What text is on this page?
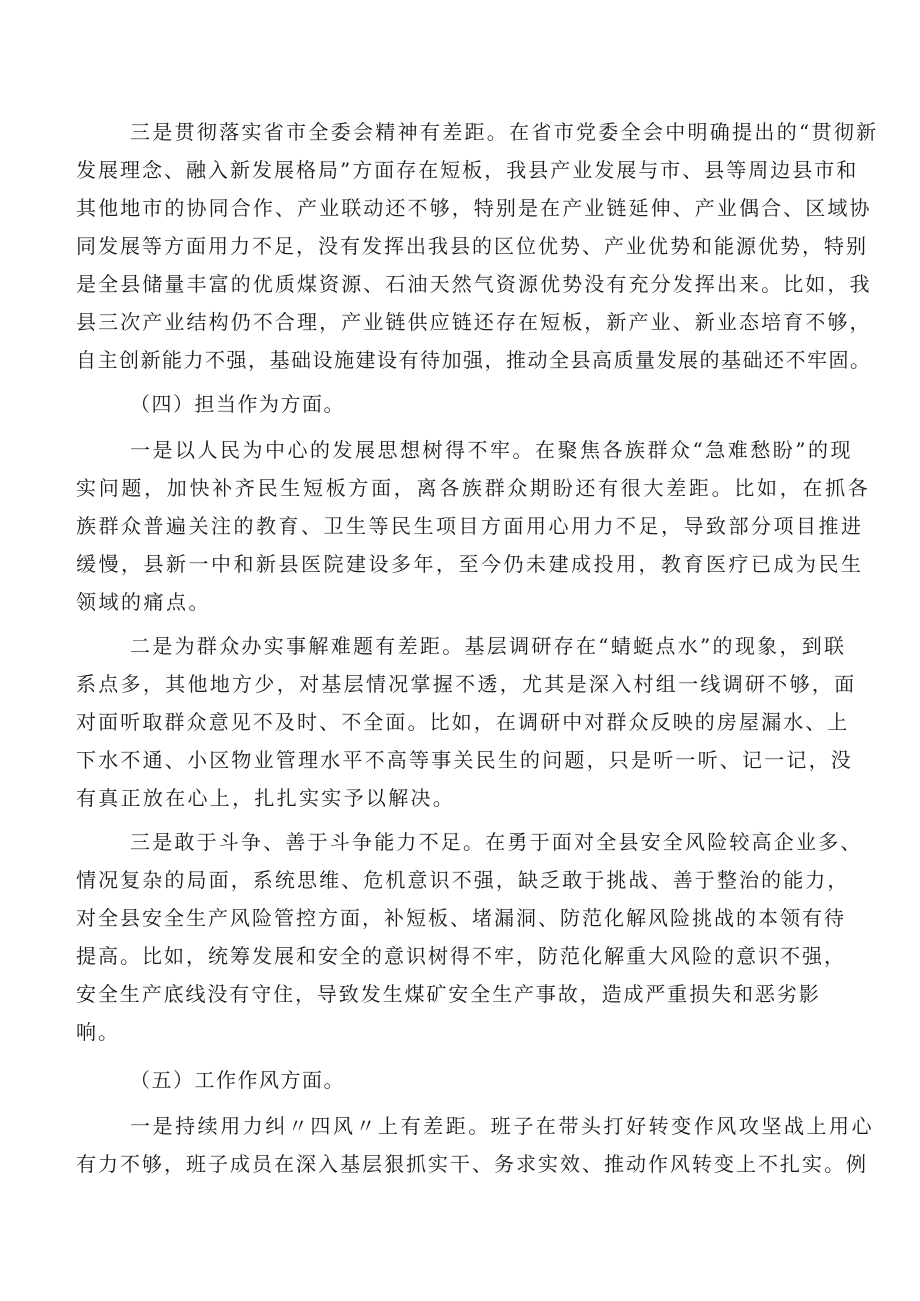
三是贯彻落实省市全委会精神有差距。在省市党委全会中明确提出的“贯彻新
发展理念、融入新发展格局”方面存在短板，我县产业发展与市、县等周边县市和
其他地市的协同合作、产业联动还不够，特别是在产业链延伸、产业偶合、区域协
同发展等方面用力不足，没有发挥出我县的区位优势、产业优势和能源优势，特别
是全县储量丰富的优质煤资源、石油天然气资源优势没有充分发挥出来。比如，我
县三次产业结构仍不合理，产业链供应链还存在短板，新产业、新业态培育不够，
自主创新能力不强，基础设施建设有待加强，推动全县高质量发展的基础还不牢固。
（四）担当作为方面。
一是以人民为中心的发展思想树得不牢。在聚焦各族群众“急难愁盼”的现
实问题，加快补齐民生短板方面，离各族群众期盼还有很大差距。比如，在抓各
族群众普遍关注的教育、卫生等民生项目方面用心用力不足，导致部分项目推进
缓慢，县新一中和新县医院建设多年，至今仍未建成投用，教育医疗已成为民生
领域的痛点。
二是为群众办实事解难题有差距。基层调研存在“蜻蜓点水”的现象，到联
系点多，其他地方少，对基层情况掌握不透，尤其是深入村组一线调研不够，面
对面听取群众意见不及时、不全面。比如，在调研中对群众反映的房屋漏水、上
下水不通、小区物业管理水平不高等事关民生的问题，只是听一听、记一记，没
有真正放在心上，扎扎实实予以解决。
三是敢于斗争、善于斗争能力不足。在勇于面对全县安全风险较高企业多、
情况复杂的局面，系统思维、危机意识不强，缺乏敢于挑战、善于整治的能力，
对全县安全生产风险管控方面，补短板、堵漏洞、防范化解风险挑战的本领有待
提高。比如，统筹发展和安全的意识树得不牢，防范化解重大风险的意识不强，
安全生产底线没有守住，导致发生煤矿安全生产事故，造成严重损失和恶劣影
响。
（五）工作作风方面。
一是持续用力纠〃四风〃上有差距。班子在带头打好转变作风攻坚战上用心
有力不够，班子成员在深入基层狠抓实干、务求实效、推动作风转变上不扎实。例
